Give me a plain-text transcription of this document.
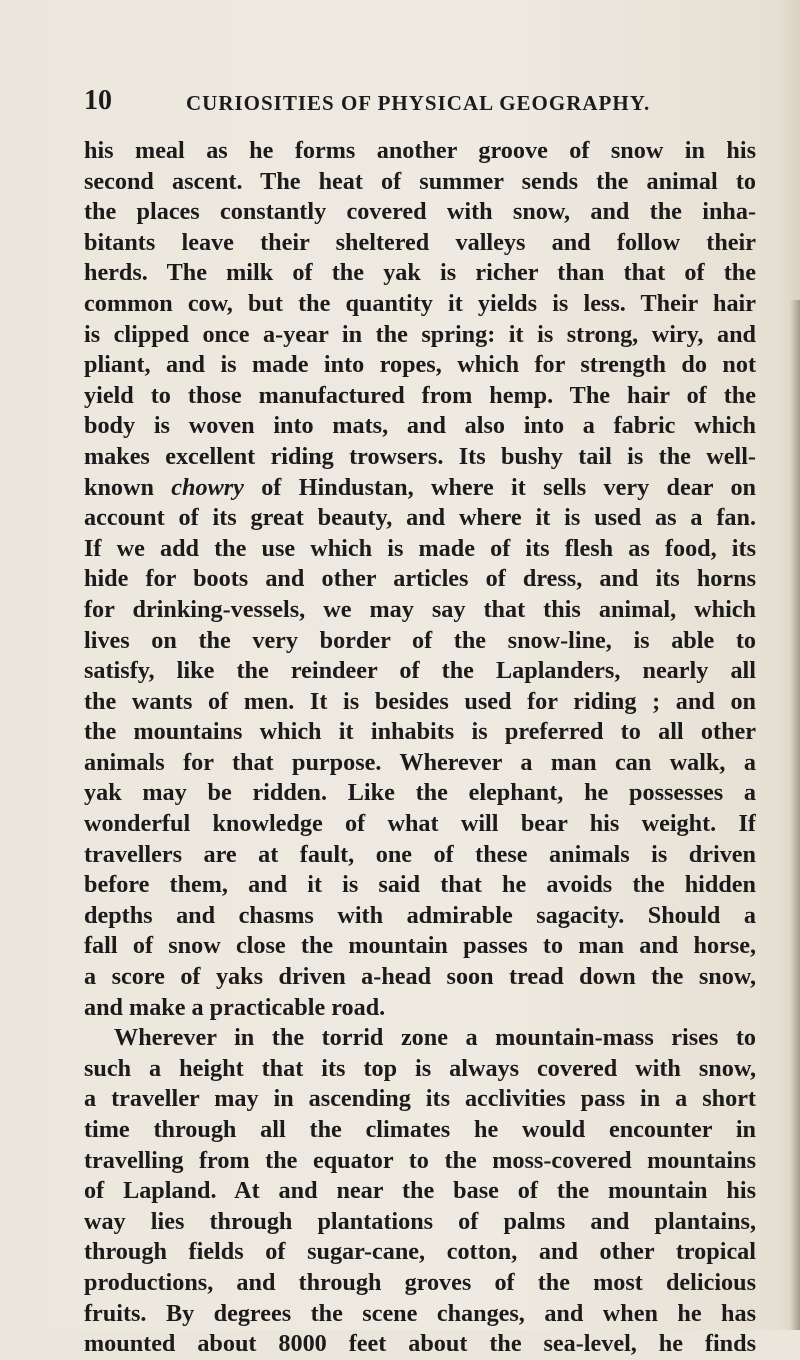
10	CURIOSITIES OF PHYSICAL GEOGRAPHY.
his meal as he forms another groove of snow in his
second ascent. The heat of summer sends the animal to
the places constantly covered with snow, and the inha-
bitants leave their sheltered valleys and follow their
herds. The milk of the yak is richer than that of the
common cow, but the quantity it yields is less. Their hair
is clipped once a-year in the spring: it is strong, wiry, and
pliant, and is made into ropes, which for strength do not
yield to those manufactured from hemp. The hair of the
body is woven into mats, and also into a fabric which
makes excellent riding trowsers. Its bushy tail is the well-
known chowry of Hindustan, where it sells very dear on
account of its great beauty, and where it is used as a fan.
If we add the use which is made of its flesh as food, its
hide for boots and other articles of dress, and its horns
for drinking-vessels, we may say that this animal, which
lives on the very border of the snow-line, is able to
satisfy, like the reindeer of the Laplanders, nearly all
the wants of men. It is besides used for riding ; and on
the mountains which it inhabits is preferred to all other
animals for that purpose. Wherever a man can walk, a
yak may be ridden. Like the elephant, he possesses a
wonderful knowledge of what will bear his weight. If
travellers are at fault, one of these animals is driven
before them, and it is said that he avoids the hidden
depths and chasms with admirable sagacity. Should a
fall of snow close the mountain passes to man and horse,
a score of yaks driven a-head soon tread down the snow,
and make a practicable road.
Wherever in the torrid zone a mountain-mass rises to
such a height that its top is always covered with snow,
a traveller may in ascending its acclivities pass in a short
time through all the climates he would encounter in
travelling from the equator to the moss-covered mountains
of Lapland. At and near the base of the mountain his
way lies through plantations of palms and plantains,
through fields of sugar-cane, cotton, and other tropical
productions, and through groves of the most delicious
fruits. By degrees the scene changes, and when he has
mounted about 8000 feet about the sea-level, he finds
